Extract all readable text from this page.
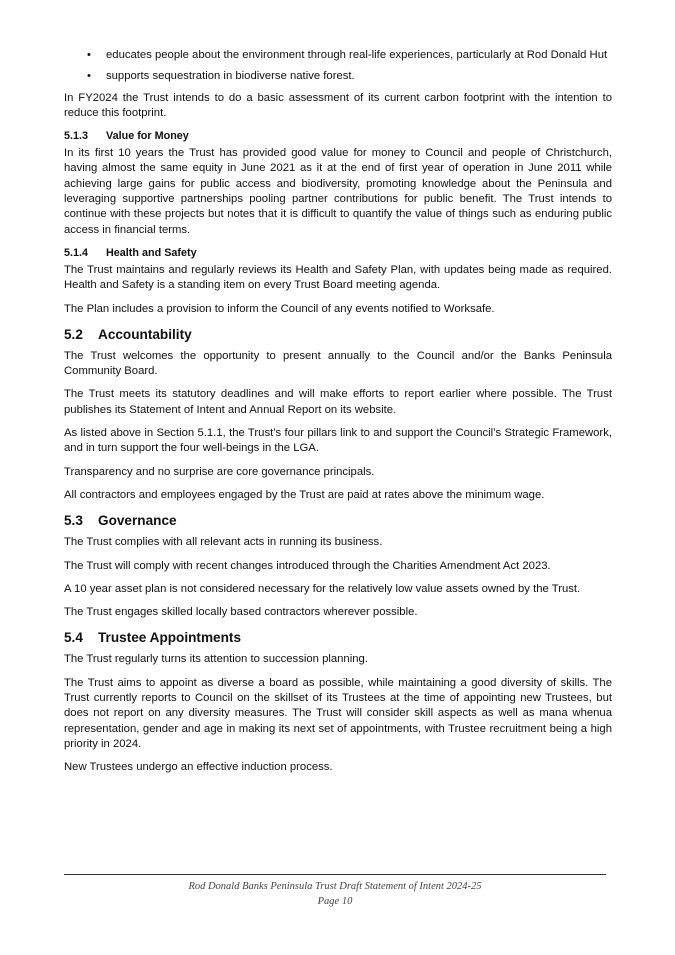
• educates people about the environment through real-life experiences, particularly at Rod Donald Hut
• supports sequestration in biodiverse native forest.

In FY2024 the Trust intends to do a basic assessment of its current carbon footprint with the intention to reduce this footprint.

5.1.3 Value for Money

In its first 10 years the Trust has provided good value for money to Council and people of Christchurch, having almost the same equity in June 2021 as it at the end of first year of operation in June 2011 while achieving large gains for public access and biodiversity, promoting knowledge about the Peninsula and leveraging supportive partnerships pooling partner contributions for public benefit. The Trust intends to continue with these projects but notes that it is difficult to quantify the value of things such as enduring public access in financial terms.

5.1.4 Health and Safety

The Trust maintains and regularly reviews its Health and Safety Plan, with updates being made as required. Health and Safety is a standing item on every Trust Board meeting agenda.

The Plan includes a provision to inform the Council of any events notified to Worksafe.

5.2 Accountability

The Trust welcomes the opportunity to present annually to the Council and/or the Banks Peninsula Community Board.

The Trust meets its statutory deadlines and will make efforts to report earlier where possible. The Trust publishes its Statement of Intent and Annual Report on its website.

As listed above in Section 5.1.1, the Trust’s four pillars link to and support the Council’s Strategic Framework, and in turn support the four well-beings in the LGA.

Transparency and no surprise are core governance principals.

All contractors and employees engaged by the Trust are paid at rates above the minimum wage.

5.3 Governance

The Trust complies with all relevant acts in running its business.

The Trust will comply with recent changes introduced through the Charities Amendment Act 2023.

A 10 year asset plan is not considered necessary for the relatively low value assets owned by the Trust.

The Trust engages skilled locally based contractors wherever possible.

5.4 Trustee Appointments

The Trust regularly turns its attention to succession planning.

The Trust aims to appoint as diverse a board as possible, while maintaining a good diversity of skills. The Trust currently reports to Council on the skillset of its Trustees at the time of appointing new Trustees, but does not report on any diversity measures. The Trust will consider skill aspects as well as mana whenua representation, gender and age in making its next set of appointments, with Trustee recruitment being a high priority in 2024.

New Trustees undergo an effective induction process.

Rod Donald Banks Peninsula Trust Draft Statement of Intent 2024-25
Page 10
